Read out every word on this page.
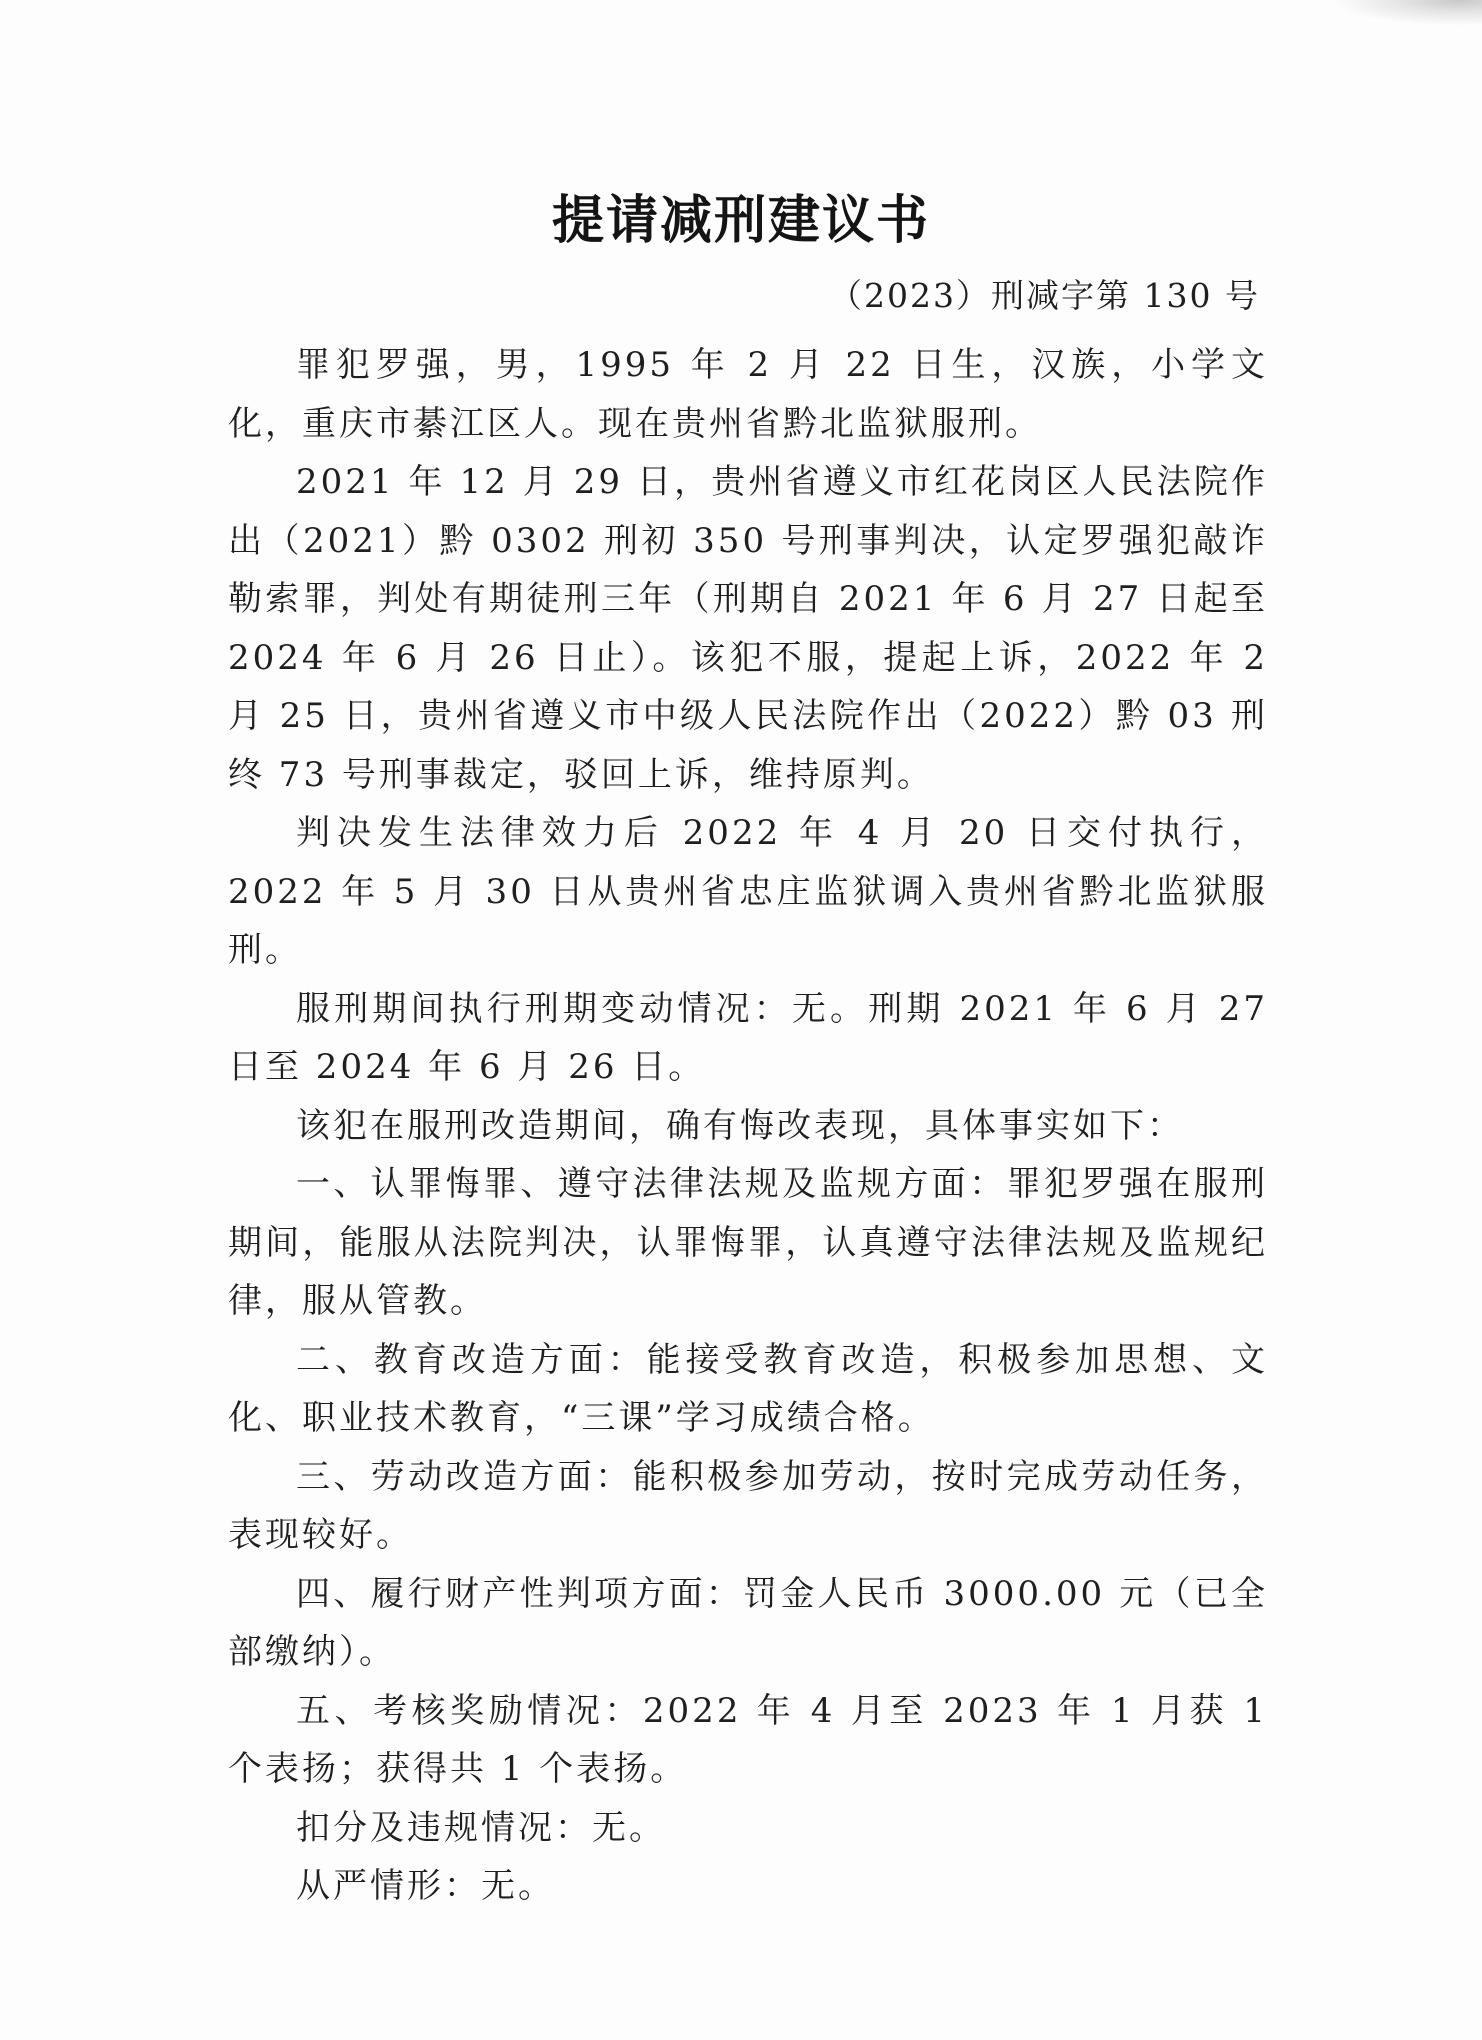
提请减刑建议书
（2023）刑减字第 130 号

罪犯罗强，男，1995 年 2 月 22 日生，汉族，小学文化，重庆市綦江区人。现在贵州省黔北监狱服刑。

2021 年 12 月 29 日，贵州省遵义市红花岗区人民法院作出（2021）黔 0302 刑初 350 号刑事判决，认定罗强犯敲诈勒索罪，判处有期徒刑三年（刑期自 2021 年 6 月 27 日起至 2024 年 6 月 26 日止）。该犯不服，提起上诉，2022 年 2 月 25 日，贵州省遵义市中级人民法院作出（2022）黔 03 刑终 73 号刑事裁定，驳回上诉，维持原判。

判决发生法律效力后 2022 年 4 月 20 日交付执行，2022 年 5 月 30 日从贵州省忠庄监狱调入贵州省黔北监狱服刑。

服刑期间执行刑期变动情况：无。刑期 2021 年 6 月 27 日至 2024 年 6 月 26 日。

该犯在服刑改造期间，确有悔改表现，具体事实如下：

一、认罪悔罪、遵守法律法规及监规方面：罪犯罗强在服刑期间，能服从法院判决，认罪悔罪，认真遵守法律法规及监规纪律，服从管教。

二、教育改造方面：能接受教育改造，积极参加思想、文化、职业技术教育，“三课”学习成绩合格。

三、劳动改造方面：能积极参加劳动，按时完成劳动任务，表现较好。

四、履行财产性判项方面：罚金人民币 3000.00 元（已全部缴纳）。

五、考核奖励情况：2022 年 4 月至 2023 年 1 月获 1 个表扬；获得共 1 个表扬。

扣分及违规情况：无。

从严情形：无。
